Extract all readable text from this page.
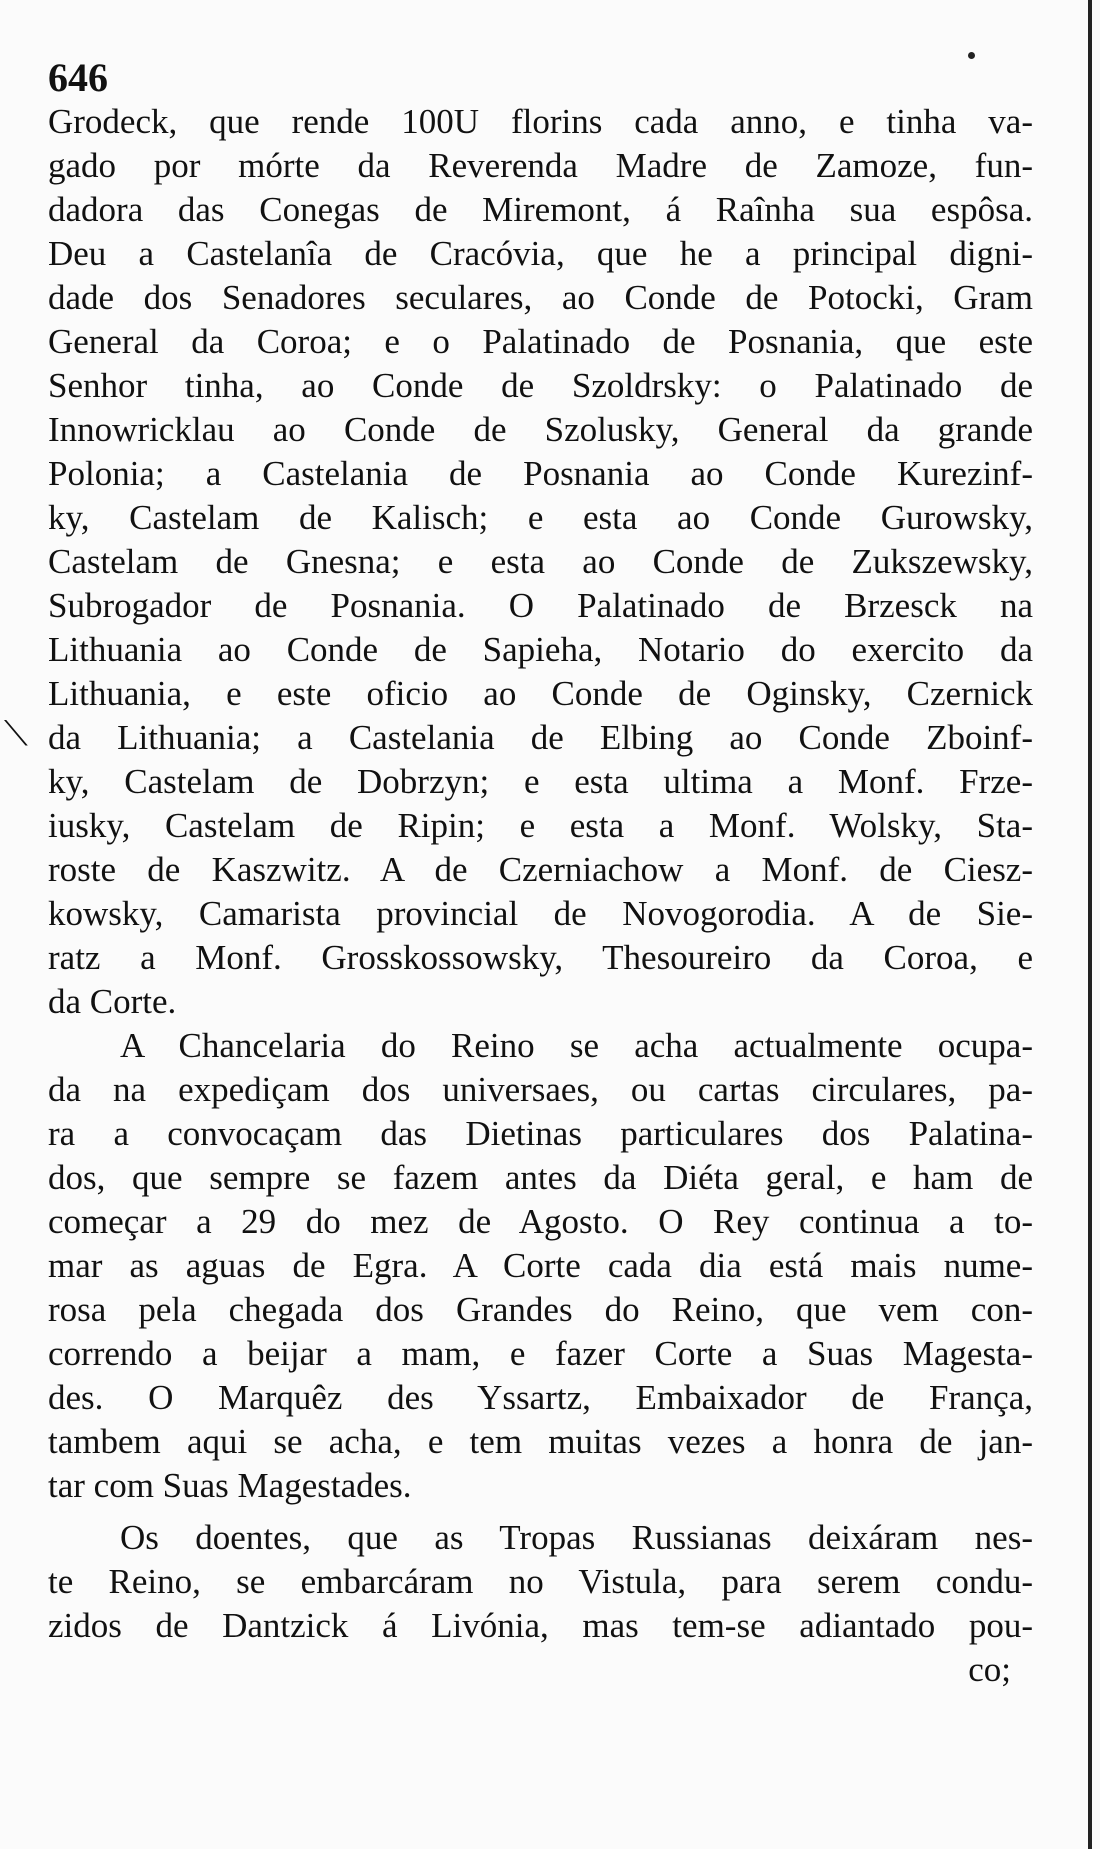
646
⟍
Grodeck, que rende 100U florins cada anno, e tinha va-
gado por mórte da Reverenda Madre de Zamoze, fun-
dadora das Conegas de Miremont, á Raînha sua espôsa.
Deu a Castelanîa de Cracóvia, que he a principal digni-
dade dos Senadores seculares, ao Conde de Potocki, Gram
General da Coroa; e o Palatinado de Posnania, que este
Senhor tinha, ao Conde de Szoldrsky: o Palatinado de
Innowricklau ao Conde de Szolusky, General da grande
Polonia; a Castelania de Posnania ao Conde Kurezinf-
ky, Castelam de Kalisch; e esta ao Conde Gurowsky,
Castelam de Gnesna; e esta ao Conde de Zukszewsky,
Subrogador de Posnania. O Palatinado de Brzesck na
Lithuania ao Conde de Sapieha, Notario do exercito da
Lithuania, e este oficio ao Conde de Oginsky, Czernick
da Lithuania; a Castelania de Elbing ao Conde Zboinf-
ky, Castelam de Dobrzyn; e esta ultima a Monf. Frze-
iusky, Castelam de Ripin; e esta a Monf. Wolsky, Sta-
roste de Kaszwitz. A de Czerniachow a Monf. de Ciesz-
kowsky, Camarista provincial de Novogorodia. A de Sie-
ratz a Monf. Grosskossowsky, Thesoureiro da Coroa, e
da Corte.
A Chancelaria do Reino se acha actualmente ocupa-
da na expediçam dos universaes, ou cartas circulares, pa-
ra a convocaçam das Dietinas particulares dos Palatina-
dos, que sempre se fazem antes da Diéta geral, e ham de
começar a 29 do mez de Agosto. O Rey continua a to-
mar as aguas de Egra. A Corte cada dia está mais nume-
rosa pela chegada dos Grandes do Reino, que vem con-
correndo a beijar a mam, e fazer Corte a Suas Magesta-
des. O Marquêz des Yssartz, Embaixador de França,
tambem aqui se acha, e tem muitas vezes a honra de jan-
tar com Suas Magestades.
Os doentes, que as Tropas Russianas deixáram nes-
te Reino, se embarcáram no Vistula, para serem condu-
zidos de Dantzick á Livónia, mas tem-se adiantado pou-
co;
